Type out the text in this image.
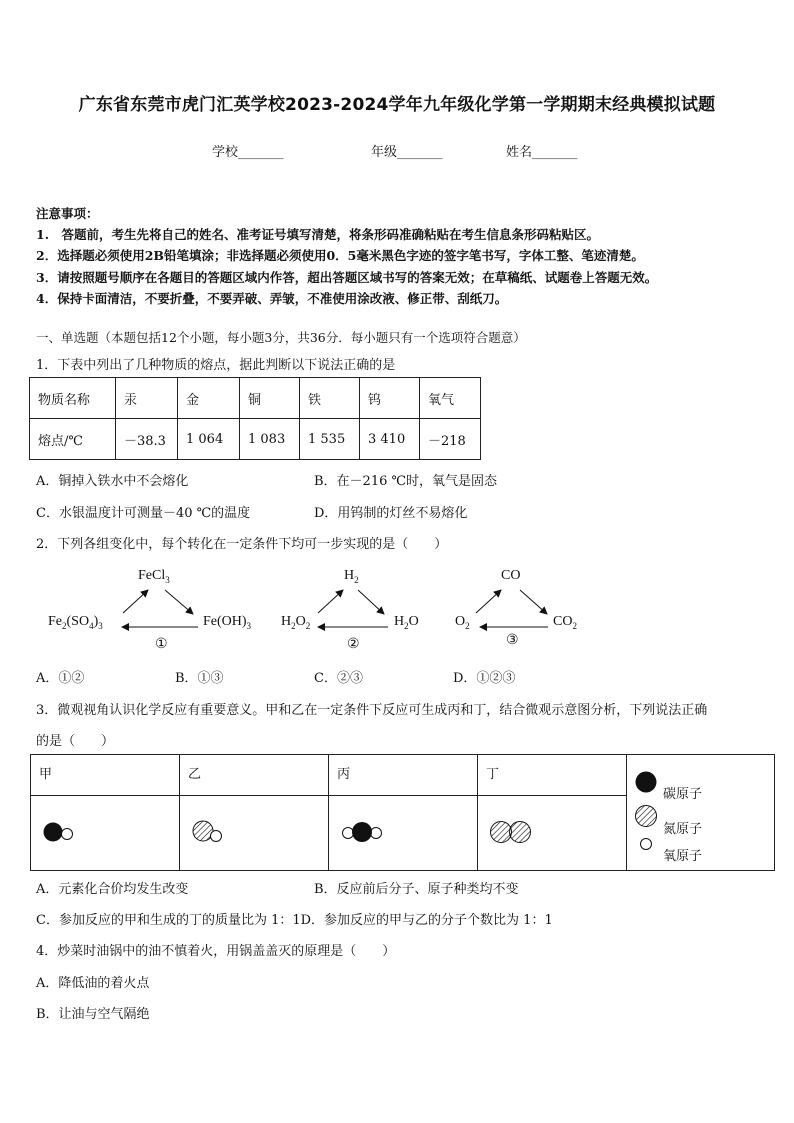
广东省东莞市虎门汇英学校2023-2024学年九年级化学第一学期期末经典模拟试题
学校_______	年级_______	姓名_______
注意事项：
1.　答题前，考生先将自己的姓名、准考证号填写清楚，将条形码准确粘贴在考生信息条形码粘贴区。
2．选择题必须使用2B铅笔填涂；非选择题必须使用0．5毫米黑色字迹的签字笔书写，字体工整、笔迹清楚。
3．请按照题号顺序在各题目的答题区域内作答，超出答题区域书写的答案无效；在草稿纸、试题卷上答题无效。
4．保持卡面清洁，不要折叠，不要弄破、弄皱，不准使用涂改液、修正带、刮纸刀。
一、单选题（本题包括12个小题，每小题3分，共36分．每小题只有一个选项符合题意）
1．下表中列出了几种物质的熔点，据此判断以下说法正确的是
物质名称	汞	金	铜	铁	钨	氧气
熔点/℃	－38.3	1 064	1 083	1 535	3 410	－218
A．铜掉入铁水中不会熔化	B．在－216 ℃时，氧气是固态
C．水银温度计可测量－40 ℃的温度	D．用钨制的灯丝不易熔化
2．下列各组变化中，每个转化在一定条件下均可一步实现的是（　　）
FeCl$_3$
$Fe_2(SO_4)_3$	$Fe(OH)_3$
①
$H_2$
$H_2O_2$	$H_2O$
②
CO
$O_2$	$CO_2$
③
A．①②	B．①③	C．②③	D．①②③
3．微观视角认识化学反应有重要意义。甲和乙在一定条件下反应可生成丙和丁，结合微观示意图分析，下列说法正确
的是（　　）
甲	乙	丙	丁	碳原子
氮原子
氧原子

A．元素化合价均发生改变	B．反应前后分子、原子种类均不变
C．参加反应的甲和生成的丁的质量比为 1：1D．参加反应的甲与乙的分子个数比为 1：1
4．炒菜时油锅中的油不慎着火，用锅盖盖灭的原理是（　　）
A．降低油的着火点
B．让油与空气隔绝
